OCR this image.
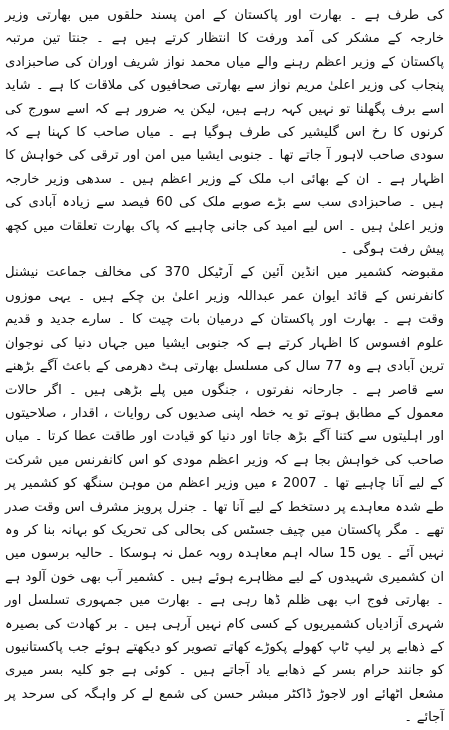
کی طرف ہے ۔ بھارت اور پاکستان کے امن پسند حلقوں میں بھارتی وزیر خارجہ کے مشکر کی آمد ورفت کا انتظار کرتے ہیں ہے ۔ جنتا تین مرتبہ پاکستان کے وزیر اعظم رہنے والے میاں محمد نواز شریف اوران کی صاحبزادی پنجاب کی وزیر اعلیٰ مریم نواز سے بھارتی صحافیوں کی ملاقات کا ہے ۔ شاید اسے برف پگھلنا تو نہیں کہہ رہے ہیں، لیکن یہ ضرور ہے کہ اسے سورج کی کرنوں کا رخ اس گلیشیر کی طرف ہوگیا ہے ۔ میاں صاحب کا کہنا ہے کہ سودی صاحب لاہور آ جاتے تھا ۔ جنوبی ایشیا میں امن اور ترقی کی خواہش کا اظہار ہے ۔ ان کے بھائی اب ملک کے وزیر اعظم ہیں ۔ سدھی وزیر خارجہ ہیں ۔ صاحبزادی سب سے بڑے صوبے ملک کی 60 فیصد سے زیادہ آبادی کی وزیر اعلیٰ ہیں ۔ اس لیے امید کی جانی چاہیے کہ پاک بھارت تعلقات میں کچھ پیش رفت ہوگی ۔

مقبوضہ کشمیر میں انڈین آئین کے آرٹیکل 370 کی مخالف جماعت نیشنل کانفرنس کے قائد ایوان عمر عبداللہ وزیر اعلیٰ بن چکے ہیں ۔ یہی موزوں وقت ہے ۔ بھارت اور پاکستان کے درمیان بات چیت کا ۔ سارے جدید و قدیم علوم افسوس کا اظہار کرتے ہے کہ جنوبی ایشیا میں جہاں دنیا کی نوجوان ترین آبادی ہے وہ 77 سال کی مسلسل بھارتی ہٹ دھرمی کے باعث آگے بڑھنے سے قاصر ہے ۔ جارحانہ نفرتوں ، جنگوں میں پلے بڑھی ہیں ۔ اگر حالات معمول کے مطابق ہوتے تو یہ خطہ اپنی صدیوں کی روایات ، اقدار ، صلاحیتوں اور اہلیتوں سے کتنا آگے بڑھ جاتا اور دنیا کو قیادت اور طاقت عطا کرتا ۔ میاں صاحب کی خواہش بجا ہے کہ وزیر اعظم مودی کو اس کانفرنس میں شرکت کے لیے آنا چاہیے تھا ۔ 2007 ء میں وزیر اعظم من موہن سنگھ کو کشمیر پر طے شدہ معاہدے پر دستخط کے لیے آنا تھا ۔ جنرل پرویز مشرف اس وقت صدر تھے ۔ مگر پاکستان میں چیف جسٹس کی بحالی کی تحریک کو بہانہ بنا کر وہ نہیں آئے ۔ یوں 15 سالہ اہم معاہدہ روبہ عمل نہ ہوسکا ۔ حالیہ برسوں میں ان کشمیری شہیدوں کے لیے مظاہرے ہوئے ہیں ۔ کشمیر آب بھی خون آلود ہے ۔ بھارتی فوج اب بھی ظلم ڈھا رہی ہے ۔ بھارت میں جمہوری تسلسل اور شہری آزادیاں کشمیریوں کے کسی کام نہیں آرہی ہیں ۔ بر کھادت کی بصیرہ کے ذھابے پر لیپ ٹاپ کھولے پکوڑے کھاتے تصویر کو دیکھتے ہوئے جب پاکستانیوں کو جانند حرام بسر کے ذھابے یاد آجاتے ہیں ۔ کوئی ہے جو کلیہ بسر میری مشعل اٹھائے اور لاجوڑ ڈاکٹر مبشر حسن کی شمع لے کر واہگہ کی سرحد پر آجائے ۔
